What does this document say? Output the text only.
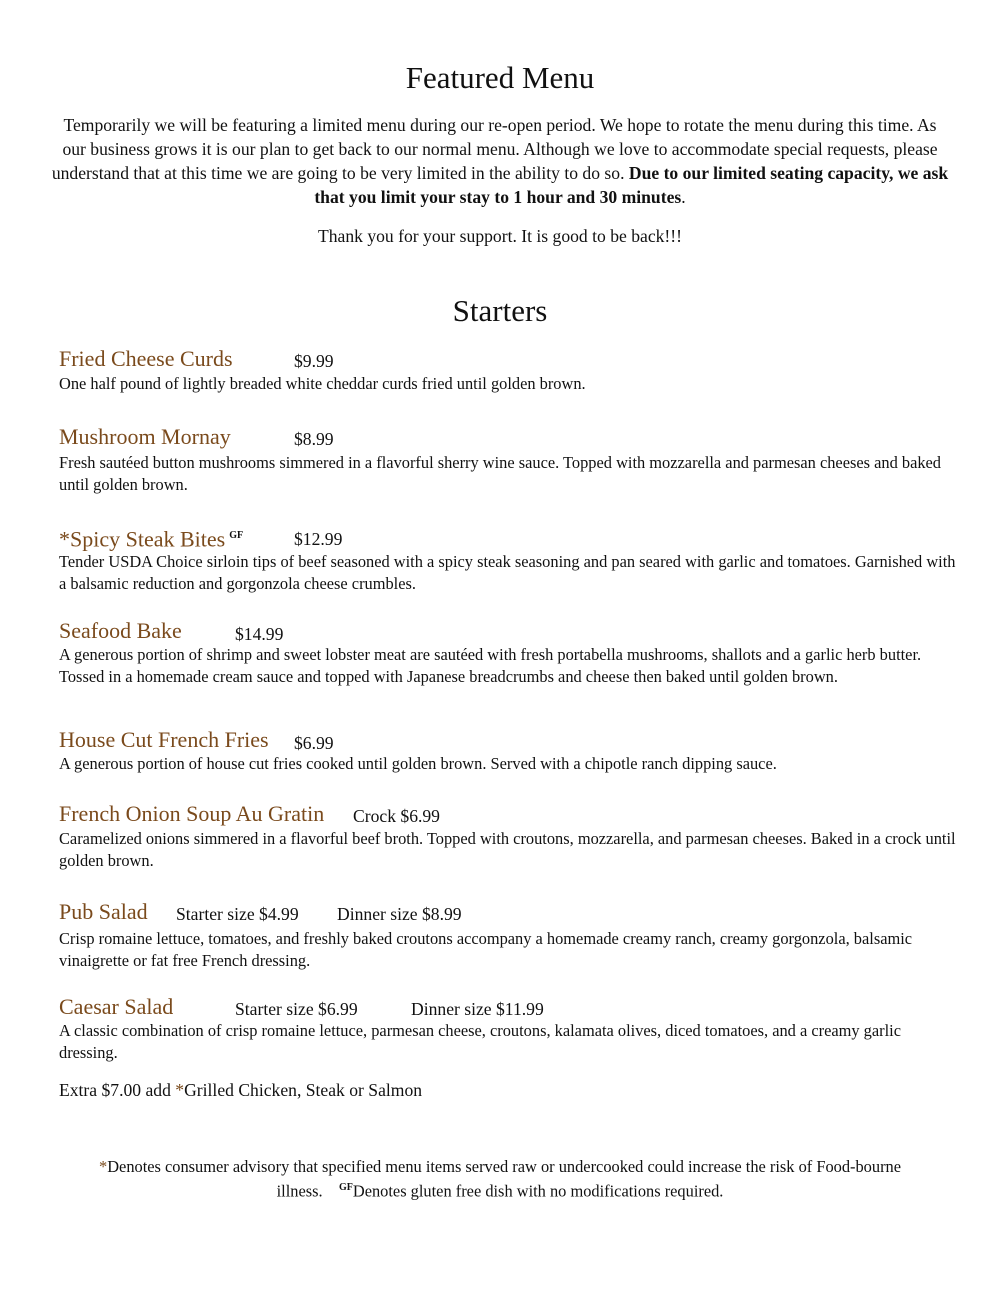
Featured Menu
Temporarily we will be featuring a limited menu during our re-open period. We hope to rotate the menu during this time. As our business grows it is our plan to get back to our normal menu. Although we love to accommodate special requests, please understand that at this time we are going to be very limited in the ability to do so. Due to our limited seating capacity, we ask that you limit your stay to 1 hour and 30 minutes.
Thank you for your support. It is good to be back!!!
Starters
Fried Cheese Curds	$9.99
One half pound of lightly breaded white cheddar curds fried until golden brown.
Mushroom Mornay	$8.99
Fresh sautéed button mushrooms simmered in a flavorful sherry wine sauce. Topped with mozzarella and parmesan cheeses and baked until golden brown.
*Spicy Steak Bites $^{GF}$	$12.99
Tender USDA Choice sirloin tips of beef seasoned with a spicy steak seasoning and pan seared with garlic and tomatoes. Garnished with a balsamic reduction and gorgonzola cheese crumbles.
Seafood Bake	$14.99
A generous portion of shrimp and sweet lobster meat are sautéed with fresh portabella mushrooms, shallots and a garlic herb butter. Tossed in a homemade cream sauce and topped with Japanese breadcrumbs and cheese then baked until golden brown.
House Cut French Fries $6.99
A generous portion of house cut fries cooked until golden brown. Served with a chipotle ranch dipping sauce.
French Onion Soup Au Gratin Crock $6.99
Caramelized onions simmered in a flavorful beef broth. Topped with croutons, mozzarella, and parmesan cheeses. Baked in a crock until golden brown.
Pub Salad Starter size $4.99 Dinner size $8.99
Crisp romaine lettuce, tomatoes, and freshly baked croutons accompany a homemade creamy ranch, creamy gorgonzola, balsamic vinaigrette or fat free French dressing.
Caesar Salad	Starter size $6.99	Dinner size $11.99
A classic combination of crisp romaine lettuce, parmesan cheese, croutons, kalamata olives, diced tomatoes, and a creamy garlic dressing.
Extra $7.00 add *Grilled Chicken, Steak or Salmon
*Denotes consumer advisory that specified menu items served raw or undercooked could increase the risk of Food-bourne illness. $^{GF}$Denotes gluten free dish with no modifications required.
